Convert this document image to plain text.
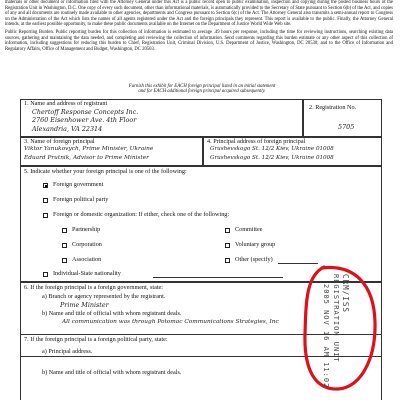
materials or other document or information filed with the Attorney General under this Act is a public record open to public examination, inspection and copying during the posted business hours of the Registration Unit in Washington, D.C. One copy of every such document, other than informational materials, is automatically provided to the Secretary of State pursuant to Section 6(b) of the Act, and copies of any and all documents are routinely made available to other agencies, departments and Congress pursuant to Section 6(c) of the Act. The Attorney General also transmits a semi-annual report to Congress on the Administration of the Act which lists the names of all agents registered under the Act and the foreign principals they represent. This report is available to the public. Finally, the Attorney General intends, at the earliest possible opportunity, to make these public documents available on the Internet on the Department of Justice World Wide Web site.

Public Reporting Burden. Public reporting burden for this collection of information is estimated to average .49 hours per response, including the time for reviewing instructions, searching existing data sources, gathering and maintaining the data needed, and completing and reviewing the collection of information. Send comments regarding this burden estimate or any other aspect of this collection of information, including suggestions for reducing this burden to Chief, Registration Unit, Criminal Division, U.S. Department of Justice, Washington, DC 20530; and to the Office of Information and Regulatory Affairs, Office of Management and Budget, Washington, DC 20503.

Furnish this exhibit for EACH foreign principal listed in an initial statement
and for EACH additional foreign principal acquired subsequently.
1. Name and address of registrant
Chertoff Response Concepts Inc.
2760 Eisenhower Ave. 4th Floor
Alexandria, VA 22314
2. Registration No.
5705
3. Name of foreign principal
Viktor Yanukovych, Prime Minister, Ukraine
Eduard Prutnik, Advisor to Prime Minister
4. Principal address of foreign principal
Grushevskogo St. 12/2 Kiev, Ukraine 01008
Grushevskogo St. 12/2 Kiev, Ukraine 01008
5. Indicate whether your foreign principal is one of the following:
Foreign government
Foreign political party
Foreign or domestic organization: If either, check one of the following:
Partnership	Committee
Corporation	Voluntary group
Association	Other (specify)
Individual-State nationality
6. If the foreign principal is a foreign government, state:
a) Branch or agency represented by the registrant.
Prime Minister
b) Name and title of official with whom registrant deals.
All communication was through Potomac Communications Strategies, Inc
7. If the foreign principal is a foreign political party, state:
a) Principal address.
b) Name and title of official with whom registrant deals.
CRM/ISS
REGISTRATION UNIT
2005 NOV 16 AM 11:02
